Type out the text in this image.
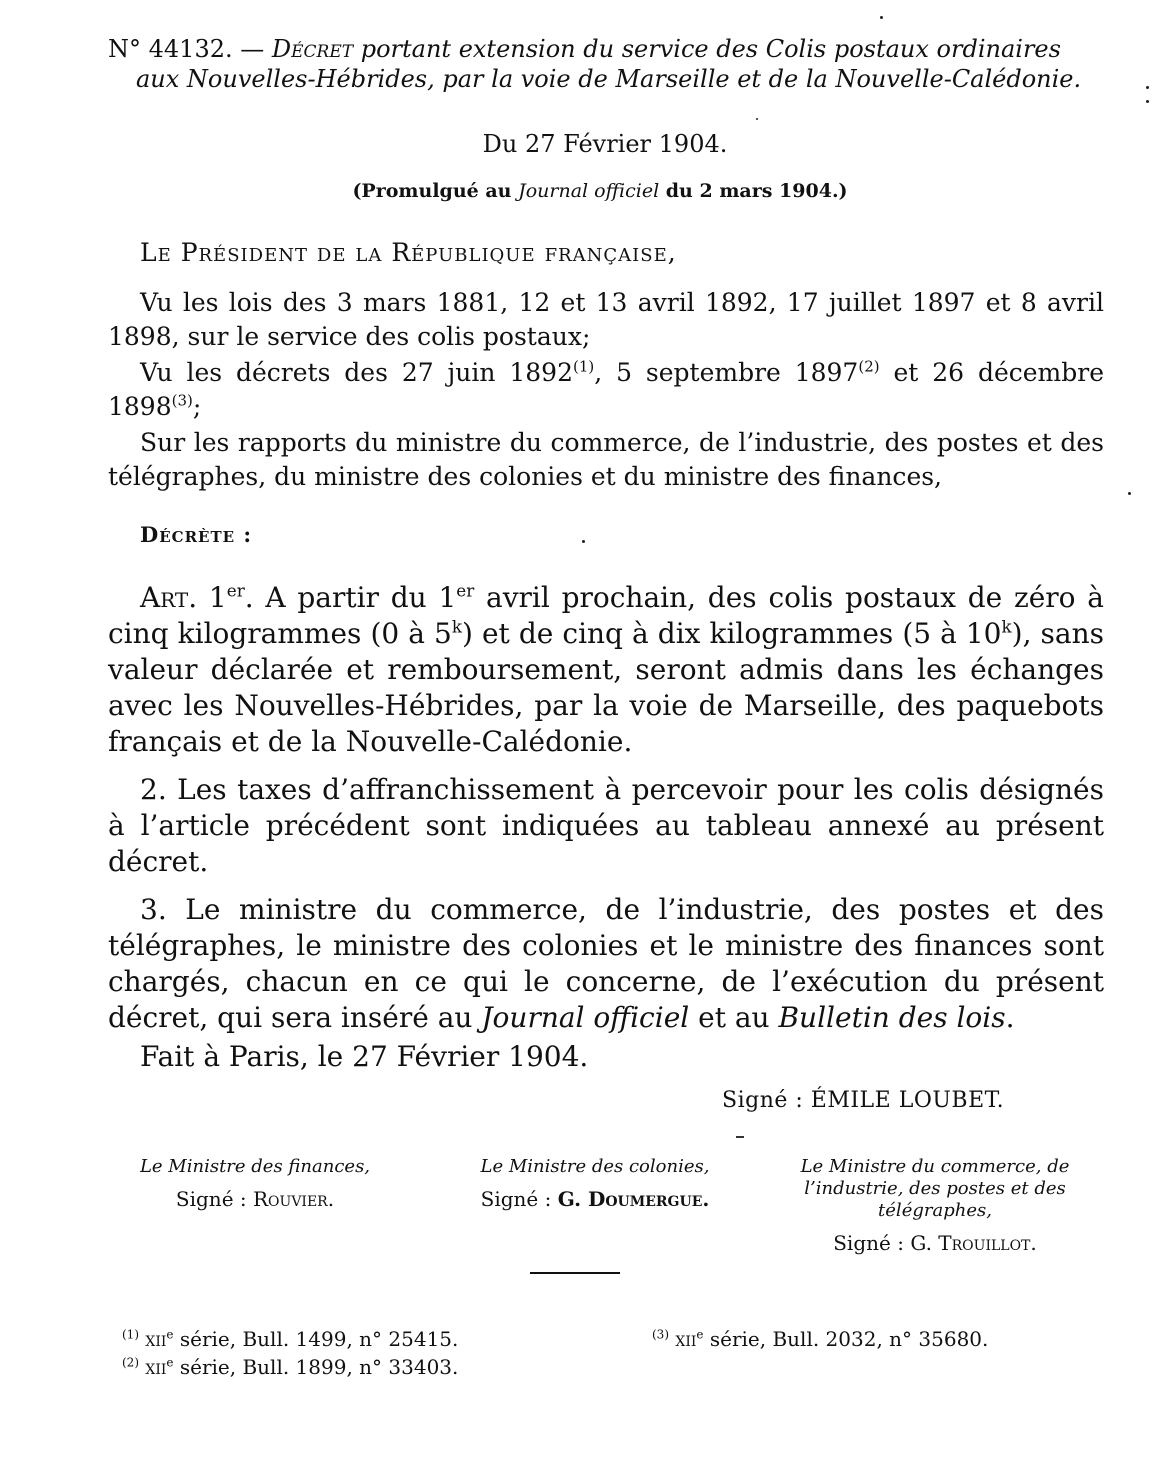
N° 44132. — Décret portant extension du service des Colis postaux ordinaires aux Nouvelles-Hébrides, par la voie de Marseille et de la Nouvelle-Calédonie.

Du 27 Février 1904.
(Promulgué au Journal officiel du 2 mars 1904.)
Le Président de la République française,

Vu les lois des 3 mars 1881, 12 et 13 avril 1892, 17 juillet 1897 et 8 avril 1898, sur le service des colis postaux;

Vu les décrets des 27 juin 1892$^{(1)}$, 5 septembre 1897$^{(2)}$ et 26 décembre 1898$^{(3)}$;

Sur les rapports du ministre du commerce, de l’industrie, des postes et des télégraphes, du ministre des colonies et du ministre des finances,

Décrète :

Art. 1er. A partir du 1er avril prochain, des colis postaux de zéro à cinq kilogrammes (0 à 5$^k$) et de cinq à dix kilogrammes (5 à 10$^k$), sans valeur déclarée et remboursement, seront admis dans les échanges avec les Nouvelles-Hébrides, par la voie de Marseille, des paquebots français et de la Nouvelle-Calédonie.

2. Les taxes d’affranchissement à percevoir pour les colis désignés à l’article précédent sont indiquées au tableau annexé au présent décret.

3. Le ministre du commerce, de l’industrie, des postes et des télégraphes, le ministre des colonies et le ministre des finances sont chargés, chacun en ce qui le concerne, de l’exécution du présent décret, qui sera inséré au Journal officiel et au Bulletin des lois.

Fait à Paris, le 27 Février 1904.
Signé : ÉMILE LOUBET.
Le Ministre des finances,
Signé : Rouvier.
Le Ministre des colonies,
Signé : G. Doumergue.
Le Ministre du commerce, de l’industrie, des postes et des télégraphes,
Signé : G. Trouillot.
$^{(1)}$ xii$^e$ série, Bull. 1499, n° 25415.
$^{(2)}$ xii$^e$ série, Bull. 1899, n° 33403.
$^{(3)}$ xii$^e$ série, Bull. 2032, n° 35680.
